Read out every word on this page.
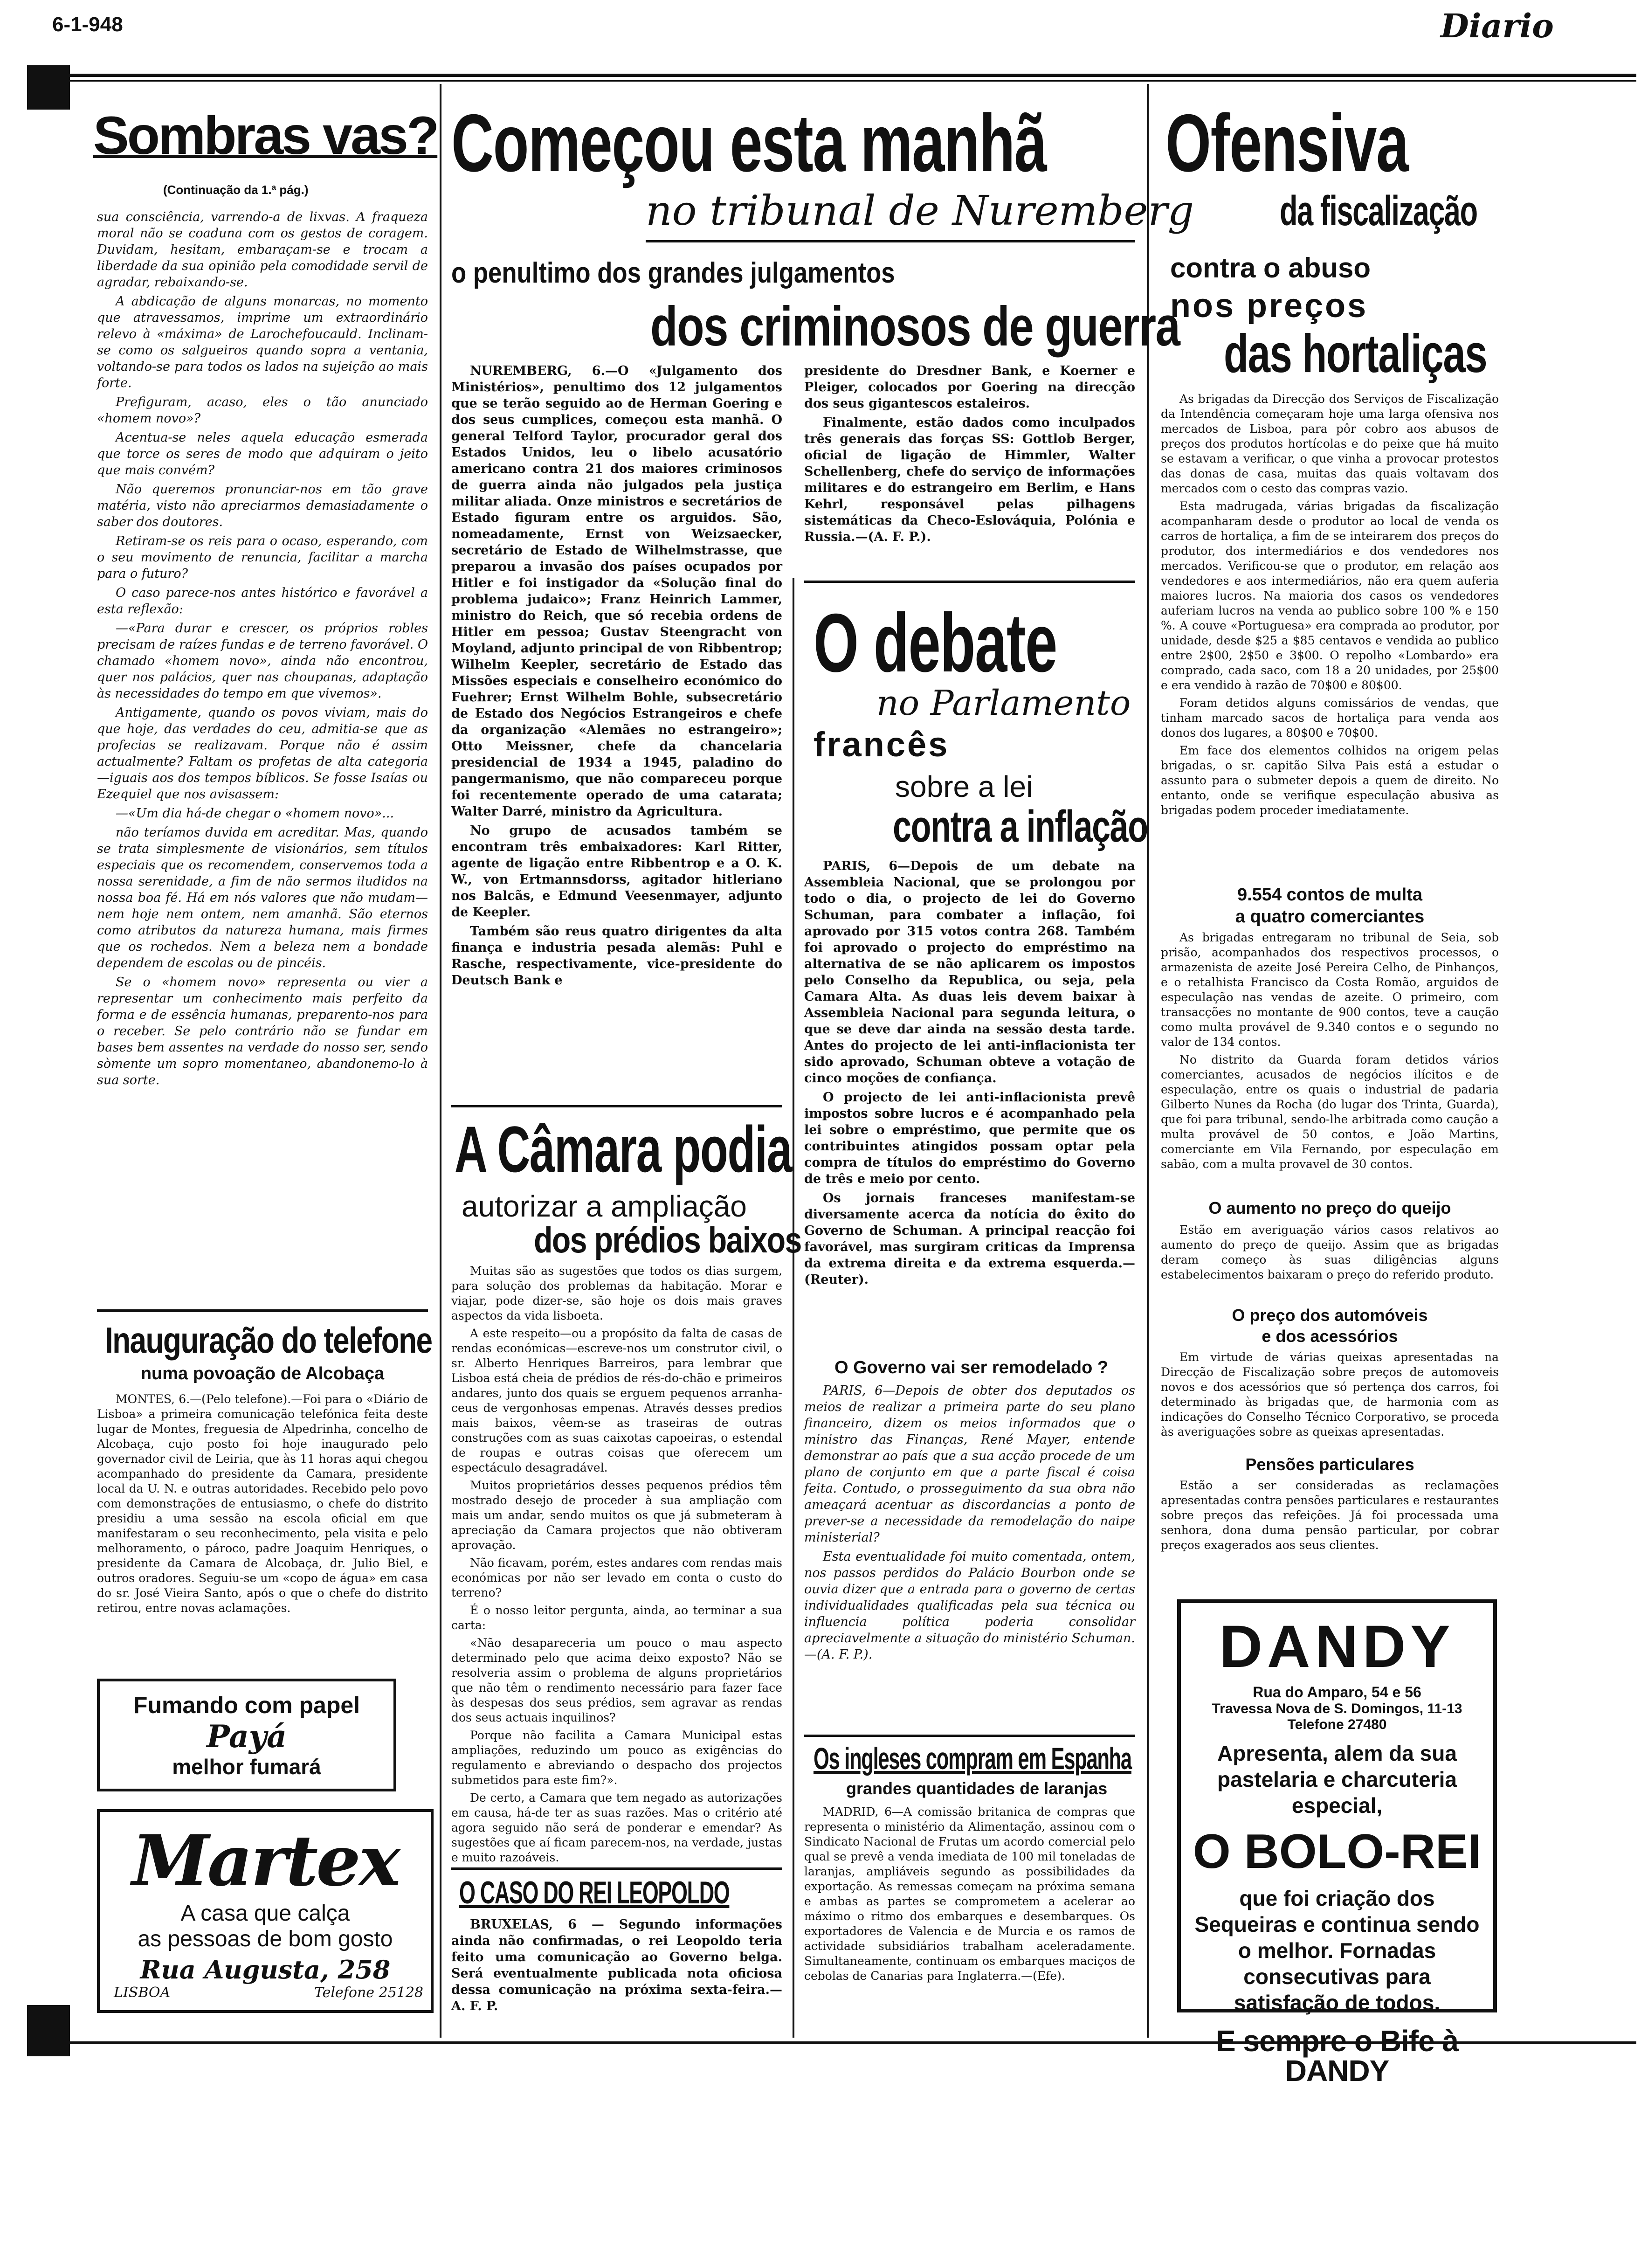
6-1-948	Diario
Sombras vas?
(Continuação da 1.ª pág.)

sua consciência, varrendo-a de lixvas. A fraqueza moral não se coaduna com os gestos de coragem. Duvidam, hesitam, embaraçam-se e trocam a liberdade da sua opinião pela comodidade servil de agradar, rebaixando-se.

A abdicação de alguns monarcas, no momento que atravessamos, imprime um extraordinário relevo à «máxima» de Larochefoucauld. Inclinam-se como os salgueiros quando sopra a ventania, voltando-se para todos os lados na sujeição ao mais forte.

Prefiguram, acaso, eles o tão anunciado «homem novo»?

Acentua-se neles aquela educação esmerada que torce os seres de modo que adquiram o jeito que mais convém?

Não queremos pronunciar-nos em tão grave matéria, visto não apreciarmos demasiadamente o saber dos doutores.

Retiram-se os reis para o ocaso, esperando, com o seu movimento de renuncia, facilitar a marcha para o futuro?

O caso parece-nos antes histórico e favorável a esta reflexão:

—«Para durar e crescer, os próprios robles precisam de raízes fundas e de terreno favorável. O chamado «homem novo», ainda não encontrou, quer nos palácios, quer nas choupanas, adaptação às necessidades do tempo em que vivemos».

Antigamente, quando os povos viviam, mais do que hoje, das verdades do ceu, admitia-se que as profecias se realizavam. Porque não é assim actualmente? Faltam os profetas de alta categoria—iguais aos dos tempos bíblicos. Se fosse Isaías ou Ezequiel que nos avisassem:

—«Um dia há-de chegar o «homem novo»...

não teríamos duvida em acreditar. Mas, quando se trata simplesmente de visionários, sem títulos especiais que os recomendem, conservemos toda a nossa serenidade, a fim de não sermos iludidos na nossa boa fé. Há em nós valores que não mudam—nem hoje nem ontem, nem amanhã. São eternos como atributos da natureza humana, mais firmes que os rochedos. Nem a beleza nem a bondade dependem de escolas ou de pincéis.

Se o «homem novo» representa ou vier a representar um conhecimento mais perfeito da forma e de essência humanas, preparento-nos para o receber. Se pelo contrário não se fundar em bases bem assentes na verdade do nosso ser, sendo sòmente um sopro momentaneo, abandonemo-lo à sua sorte.

Inauguração do telefone
numa povoação de Alcobaça

MONTES, 6.—(Pelo telefone).—Foi para o «Diário de Lisboa» a primeira comunicação telefónica feita deste lugar de Montes, freguesia de Alpedrinha, concelho de Alcobaça, cujo posto foi hoje inaugurado pelo governador civil de Leiria, que às 11 horas aqui chegou acompanhado do presidente da Camara, presidente local da U. N. e outras autoridades. Recebido pelo povo com demonstrações de entusiasmo, o chefe do distrito presidiu a uma sessão na escola oficial em que manifestaram o seu reconhecimento, pela visita e pelo melhoramento, o pároco, padre Joaquim Henriques, o presidente da Camara de Alcobaça, dr. Julio Biel, e outros oradores. Seguiu-se um «copo de água» em casa do sr. José Vieira Santo, após o que o chefe do distrito retirou, entre novas aclamações.

Fumando com papel
Payá
melhor fumará
Martex
A casa que calça
as pessoas de bom gosto
Rua Augusta, 258
LISBOA	Telefone 25128
Começou esta manhã
no tribunal de Nuremberg
o penultimo dos grandes julgamentos
dos criminosos de guerra

NUREMBERG, 6.—O «Julgamento dos Ministérios», penultimo dos 12 julgamentos que se terão seguido ao de Herman Goering e dos seus cumplices, começou esta manhã. O general Telford Taylor, procurador geral dos Estados Unidos, leu o libelo acusatório americano contra 21 dos maiores criminosos de guerra ainda não julgados pela justiça militar aliada. Onze ministros e secretários de Estado figuram entre os arguidos. São, nomeadamente, Ernst von Weizsaecker, secretário de Estado de Wilhelmstrasse, que preparou a invasão dos países ocupados por Hitler e foi instigador da «Solução final do problema judaico»; Franz Heinrich Lammer, ministro do Reich, que só recebia ordens de Hitler em pessoa; Gustav Steengracht von Moyland, adjunto principal de von Ribbentrop; Wilhelm Keepler, secretário de Estado das Missões especiais e conselheiro económico do Fuehrer; Ernst Wilhelm Bohle, subsecretário de Estado dos Negócios Estrangeiros e chefe da organização «Alemães no estrangeiro»; Otto Meissner, chefe da chancelaria presidencial de 1934 a 1945, paladino do pangermanismo, que não compareceu porque foi recentemente operado de uma catarata; Walter Darré, ministro da Agricultura.

No grupo de acusados também se encontram três embaixadores: Karl Ritter, agente de ligação entre Ribbentrop e a O. K. W., von Ertmannsdorss, agitador hitleriano nos Balcãs, e Edmund Veesenmayer, adjunto de Keepler.

Também são reus quatro dirigentes da alta finança e industria pesada alemãs: Puhl e Rasche, respectivamente, vice-presidente do Deutsch Bank e

presidente do Dresdner Bank, e Koerner e Pleiger, colocados por Goering na direcção dos seus gigantescos estaleiros.

Finalmente, estão dados como inculpados três generais das forças SS: Gottlob Berger, oficial de ligação de Himmler, Walter Schellenberg, chefe do serviço de informações militares e do estrangeiro em Berlim, e Hans Kehrl, responsável pelas pilhagens sistemáticas da Checo-Eslováquia, Polónia e Russia.—(A. F. P.).

A Câmara podia
autorizar a ampliação
dos prédios baixos

Muitas são as sugestões que todos os dias surgem, para solução dos problemas da habitação. Morar e viajar, pode dizer-se, são hoje os dois mais graves aspectos da vida lisboeta.

A este respeito—ou a propósito da falta de casas de rendas económicas—escreve-nos um construtor civil, o sr. Alberto Henriques Barreiros, para lembrar que Lisboa está cheia de prédios de rés-do-chão e primeiros andares, junto dos quais se erguem pequenos arranha-ceus de vergonhosas empenas. Através desses predios mais baixos, vêem-se as traseiras de outras construções com as suas caixotas capoeiras, o estendal de roupas e outras coisas que oferecem um espectáculo desagradável.

Muitos proprietários desses pequenos prédios têm mostrado desejo de proceder à sua ampliação com mais um andar, sendo muitos os que já submeteram à apreciação da Camara projectos que não obtiveram aprovação.

Não ficavam, porém, estes andares com rendas mais económicas por não ser levado em conta o custo do terreno?

É o nosso leitor pergunta, ainda, ao terminar a sua carta:

«Não desapareceria um pouco o mau aspecto determinado pelo que acima deixo exposto? Não se resolveria assim o problema de alguns proprietários que não têm o rendimento necessário para fazer face às despesas dos seus prédios, sem agravar as rendas dos seus actuais inquilinos?

Porque não facilita a Camara Municipal estas ampliações, reduzindo um pouco as exigências do regulamento e abreviando o despacho dos projectos submetidos para este fim?».

De certo, a Camara que tem negado as autorizações em causa, há-de ter as suas razões. Mas o critério até agora seguido não será de ponderar e emendar? As sugestões que aí ficam parecem-nos, na verdade, justas e muito razoáveis.

O CASO DO REI LEOPOLDO

BRUXELAS, 6 — Segundo informações ainda não confirmadas, o rei Leopoldo teria feito uma comunicação ao Governo belga. Será eventualmente publicada nota oficiosa dessa comunicação na próxima sexta-feira.— A. F. P.

O debate
no Parlamento
francês
sobre a lei
contra a inflação

PARIS, 6—Depois de um debate na Assembleia Nacional, que se prolongou por todo o dia, o projecto de lei do Governo Schuman, para combater a inflação, foi aprovado por 315 votos contra 268. Também foi aprovado o projecto do empréstimo na alternativa de se não aplicarem os impostos pelo Conselho da Republica, ou seja, pela Camara Alta. As duas leis devem baixar à Assembleia Nacional para segunda leitura, o que se deve dar ainda na sessão desta tarde. Antes do projecto de lei anti-inflacionista ter sido aprovado, Schuman obteve a votação de cinco moções de confiança.

O projecto de lei anti-inflacionista prevê impostos sobre lucros e é acompanhado pela lei sobre o empréstimo, que permite que os contribuintes atingidos possam optar pela compra de títulos do empréstimo do Governo de três e meio por cento.

Os jornais franceses manifestam-se diversamente acerca da notícia do êxito do Governo de Schuman. A principal reacção foi favorável, mas surgiram criticas da Imprensa da extrema direita e da extrema esquerda.—(Reuter).

O Governo vai ser remodelado ?

PARIS, 6—Depois de obter dos deputados os meios de realizar a primeira parte do seu plano financeiro, dizem os meios informados que o ministro das Finanças, René Mayer, entende demonstrar ao país que a sua acção procede de um plano de conjunto em que a parte fiscal é coisa feita. Contudo, o prosseguimento da sua obra não ameaçará acentuar as discordancias a ponto de prever-se a necessidade da remodelação do naipe ministerial?

Esta eventualidade foi muito comentada, ontem, nos passos perdidos do Palácio Bourbon onde se ouvia dizer que a entrada para o governo de certas individualidades qualificadas pela sua técnica ou influencia política poderia consolidar apreciavelmente a situação do ministério Schuman.—(A. F. P.).

Os ingleses compram em Espanha
grandes quantidades de laranjas

MADRID, 6—A comissão britanica de compras que representa o ministério da Alimentação, assinou com o Sindicato Nacional de Frutas um acordo comercial pelo qual se prevê a venda imediata de 100 mil toneladas de laranjas, ampliáveis segundo as possibilidades da exportação. As remessas começam na próxima semana e ambas as partes se comprometem a acelerar ao máximo o ritmo dos embarques e desembarques. Os exportadores de Valencia e de Murcia e os ramos de actividade subsidiários trabalham aceleradamente. Simultaneamente, continuam os embarques maciços de cebolas de Canarias para Inglaterra.—(Efe).

Ofensiva
da fiscalização
contra o abuso
nos preços
das hortaliças

As brigadas da Direcção dos Serviços de Fiscalização da Intendência começaram hoje uma larga ofensiva nos mercados de Lisboa, para pôr cobro aos abusos de preços dos produtos hortícolas e do peixe que há muito se estavam a verificar, o que vinha a provocar protestos das donas de casa, muitas das quais voltavam dos mercados com o cesto das compras vazio.

Esta madrugada, várias brigadas da fiscalização acompanharam desde o produtor ao local de venda os carros de hortaliça, a fim de se inteirarem dos preços do produtor, dos intermediários e dos vendedores nos mercados. Verificou-se que o produtor, em relação aos vendedores e aos intermediários, não era quem auferia maiores lucros. Na maioria dos casos os vendedores auferiam lucros na venda ao publico sobre 100 % e 150 %. A couve «Portuguesa» era comprada ao produtor, por unidade, desde $25 a $85 centavos e vendida ao publico entre 2$00, 2$50 e 3$00. O repolho «Lombardo» era comprado, cada saco, com 18 a 20 unidades, por 25$00 e era vendido à razão de 70$00 e 80$00.

Foram detidos alguns comissários de vendas, que tinham marcado sacos de hortaliça para venda aos donos dos lugares, a 80$00 e 70$00.

Em face dos elementos colhidos na origem pelas brigadas, o sr. capitão Silva Pais está a estudar o assunto para o submeter depois a quem de direito. No entanto, onde se verifique especulação abusiva as brigadas podem proceder imediatamente.

9.554 contos de multa
a quatro comerciantes

As brigadas entregaram no tribunal de Seia, sob prisão, acompanhados dos respectivos processos, o armazenista de azeite José Pereira Celho, de Pinhanços, e o retalhista Francisco da Costa Romão, arguidos de especulação nas vendas de azeite. O primeiro, com transacções no montante de 900 contos, teve a caução como multa provável de 9.340 contos e o segundo no valor de 134 contos.

No distrito da Guarda foram detidos vários comerciantes, acusados de negócios ilícitos e de especulação, entre os quais o industrial de padaria Gilberto Nunes da Rocha (do lugar dos Trinta, Guarda), que foi para tribunal, sendo-lhe arbitrada como caução a multa provável de 50 contos, e João Martins, comerciante em Vila Fernando, por especulação em sabão, com a multa provavel de 30 contos.

O aumento no preço do queijo

Estão em averiguação vários casos relativos ao aumento do preço de queijo. Assim que as brigadas deram começo às suas diligências alguns estabelecimentos baixaram o preço do referido produto.

O preço dos automóveis
e dos acessórios

Em virtude de várias queixas apresentadas na Direcção de Fiscalização sobre preços de automoveis novos e dos acessórios que só pertença dos carros, foi determinado às brigadas que, de harmonia com as indicações do Conselho Técnico Corporativo, se proceda às averiguações sobre as queixas apresentadas.

Pensões particulares

Estão a ser consideradas as reclamações apresentadas contra pensões particulares e restaurantes sobre preços das refeições. Já foi processada uma senhora, dona duma pensão particular, por cobrar preços exagerados aos seus clientes.

DANDY
Rua do Amparo, 54 e 56
Travessa Nova de S. Domingos, 11-13
Telefone 27480
Apresenta, alem da sua pastelaria e charcuteria especial,
O BOLO-REI
que foi criação dos Sequeiras e continua sendo o melhor. Fornadas consecutivas para satisfação de todos.
E sempre o Bife à DANDY
